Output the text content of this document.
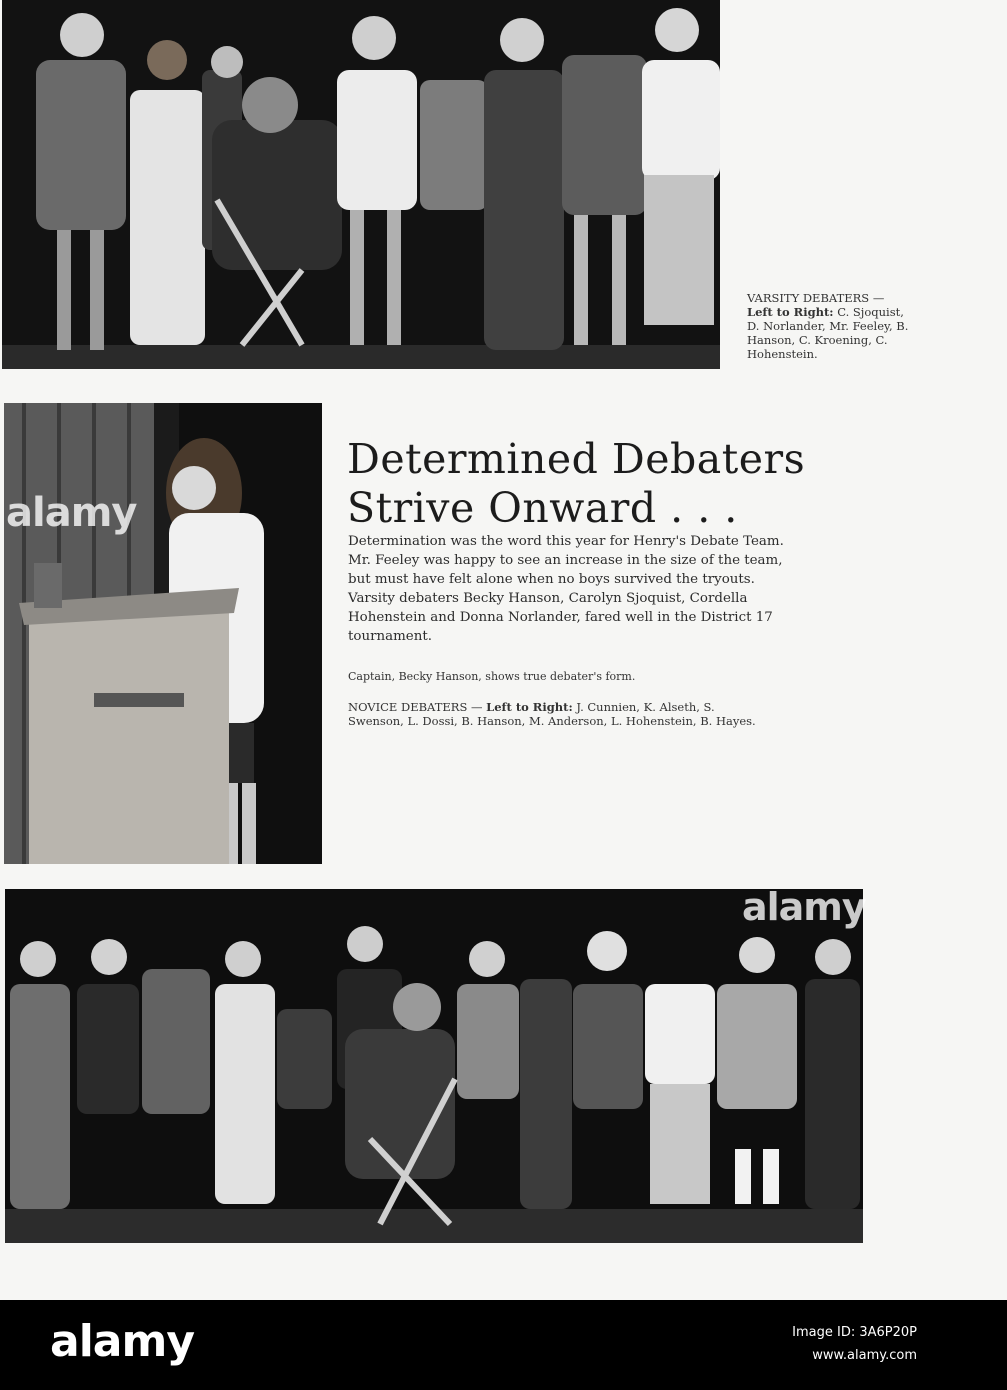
VARSITY DEBATERS —
Left to Right: C. Sjoquist, D. Norlander, Mr. Feeley, B. Hanson, C. Kroening, C. Hohenstein.
alamy
Determined Debaters
Strive Onward . . .

Determination was the word this year for Henry's Debate Team. Mr. Feeley was happy to see an increase in the size of the team, but must have felt alone when no boys survived the tryouts. Varsity debaters Becky Hanson, Carolyn Sjoquist, Cordella Hohenstein and Donna Norlander, fared well in the District 17 tournament.

Captain, Becky Hanson, shows true debater's form.

NOVICE DEBATERS — Left to Right: J. Cunnien, K. Alseth, S. Swenson, L. Dossi, B. Hanson, M. Anderson, L. Hohenstein, B. Hayes.
alamy
alamy	Image ID: 3A6P20P
www.alamy.com
